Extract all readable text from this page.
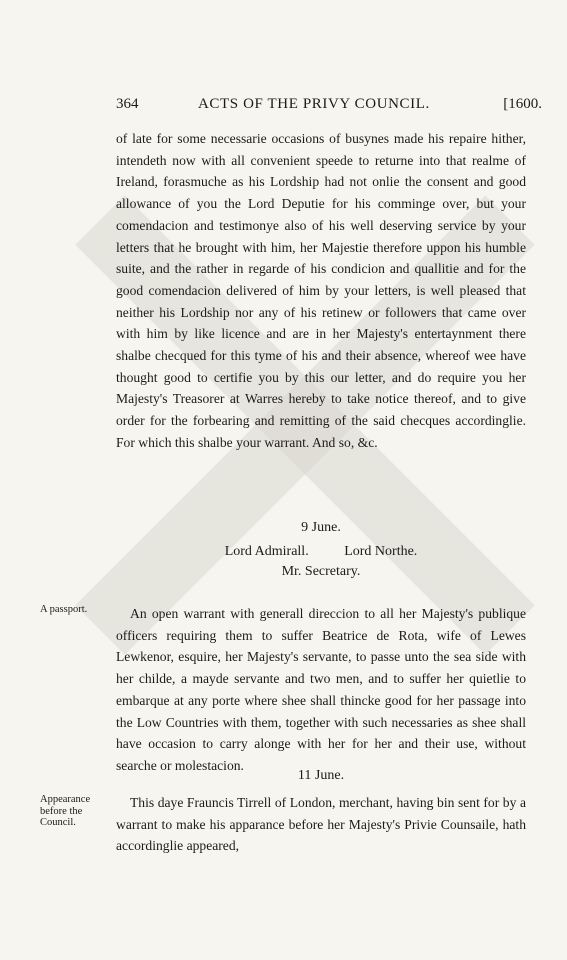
364	ACTS OF THE PRIVY COUNCIL.	[1600.

of late for some necessarie occasions of busynes made his repaire hither, intendeth now with all convenient speede to returne into that realme of Ireland, forasmuche as his Lordship had not onlie the consent and good allowance of you the Lord Deputie for his comminge over, but your comendacion and testimonye also of his well deserving service by your letters that he brought with him, her Majestie therefore uppon his humble suite, and the rather in regarde of his condicion and quallitie and for the good comendacion delivered of him by your letters, is well pleased that neither his Lordship nor any of his retinew or followers that came over with him by like licence and are in her Majesty's entertaynment there shalbe checqued for this tyme of his and their absence, whereof wee have thought good to certifie you by this our letter, and do require you her Majesty's Treasorer at Warres hereby to take notice thereof, and to give order for the forbearing and remitting of the said checques accordinglie. For which this shalbe your warrant. And so, &c.

9 June.
Lord Admirall.	Lord Northe.
Mr. Secretary.
A passport.	An open warrant with generall direccion to all her Majesty's publique officers requiring them to suffer Beatrice de Rota, wife of Lewes Lewkenor, esquire, her Majesty's servante, to passe unto the sea side with her childe, a mayde servante and two men, and to suffer her quietlie to embarque at any porte where shee shall thincke good for her passage into the Low Countries with them, together with such necessaries as shee shall have occasion to carry alonge with her for her and their use, without searche or molestacion.

11 June.
Appearance before the Council.

This daye Frauncis Tirrell of London, merchant, having bin sent for by a warrant to make his apparance before her Majesty's Privie Counsaile, hath accordinglie appeared,
